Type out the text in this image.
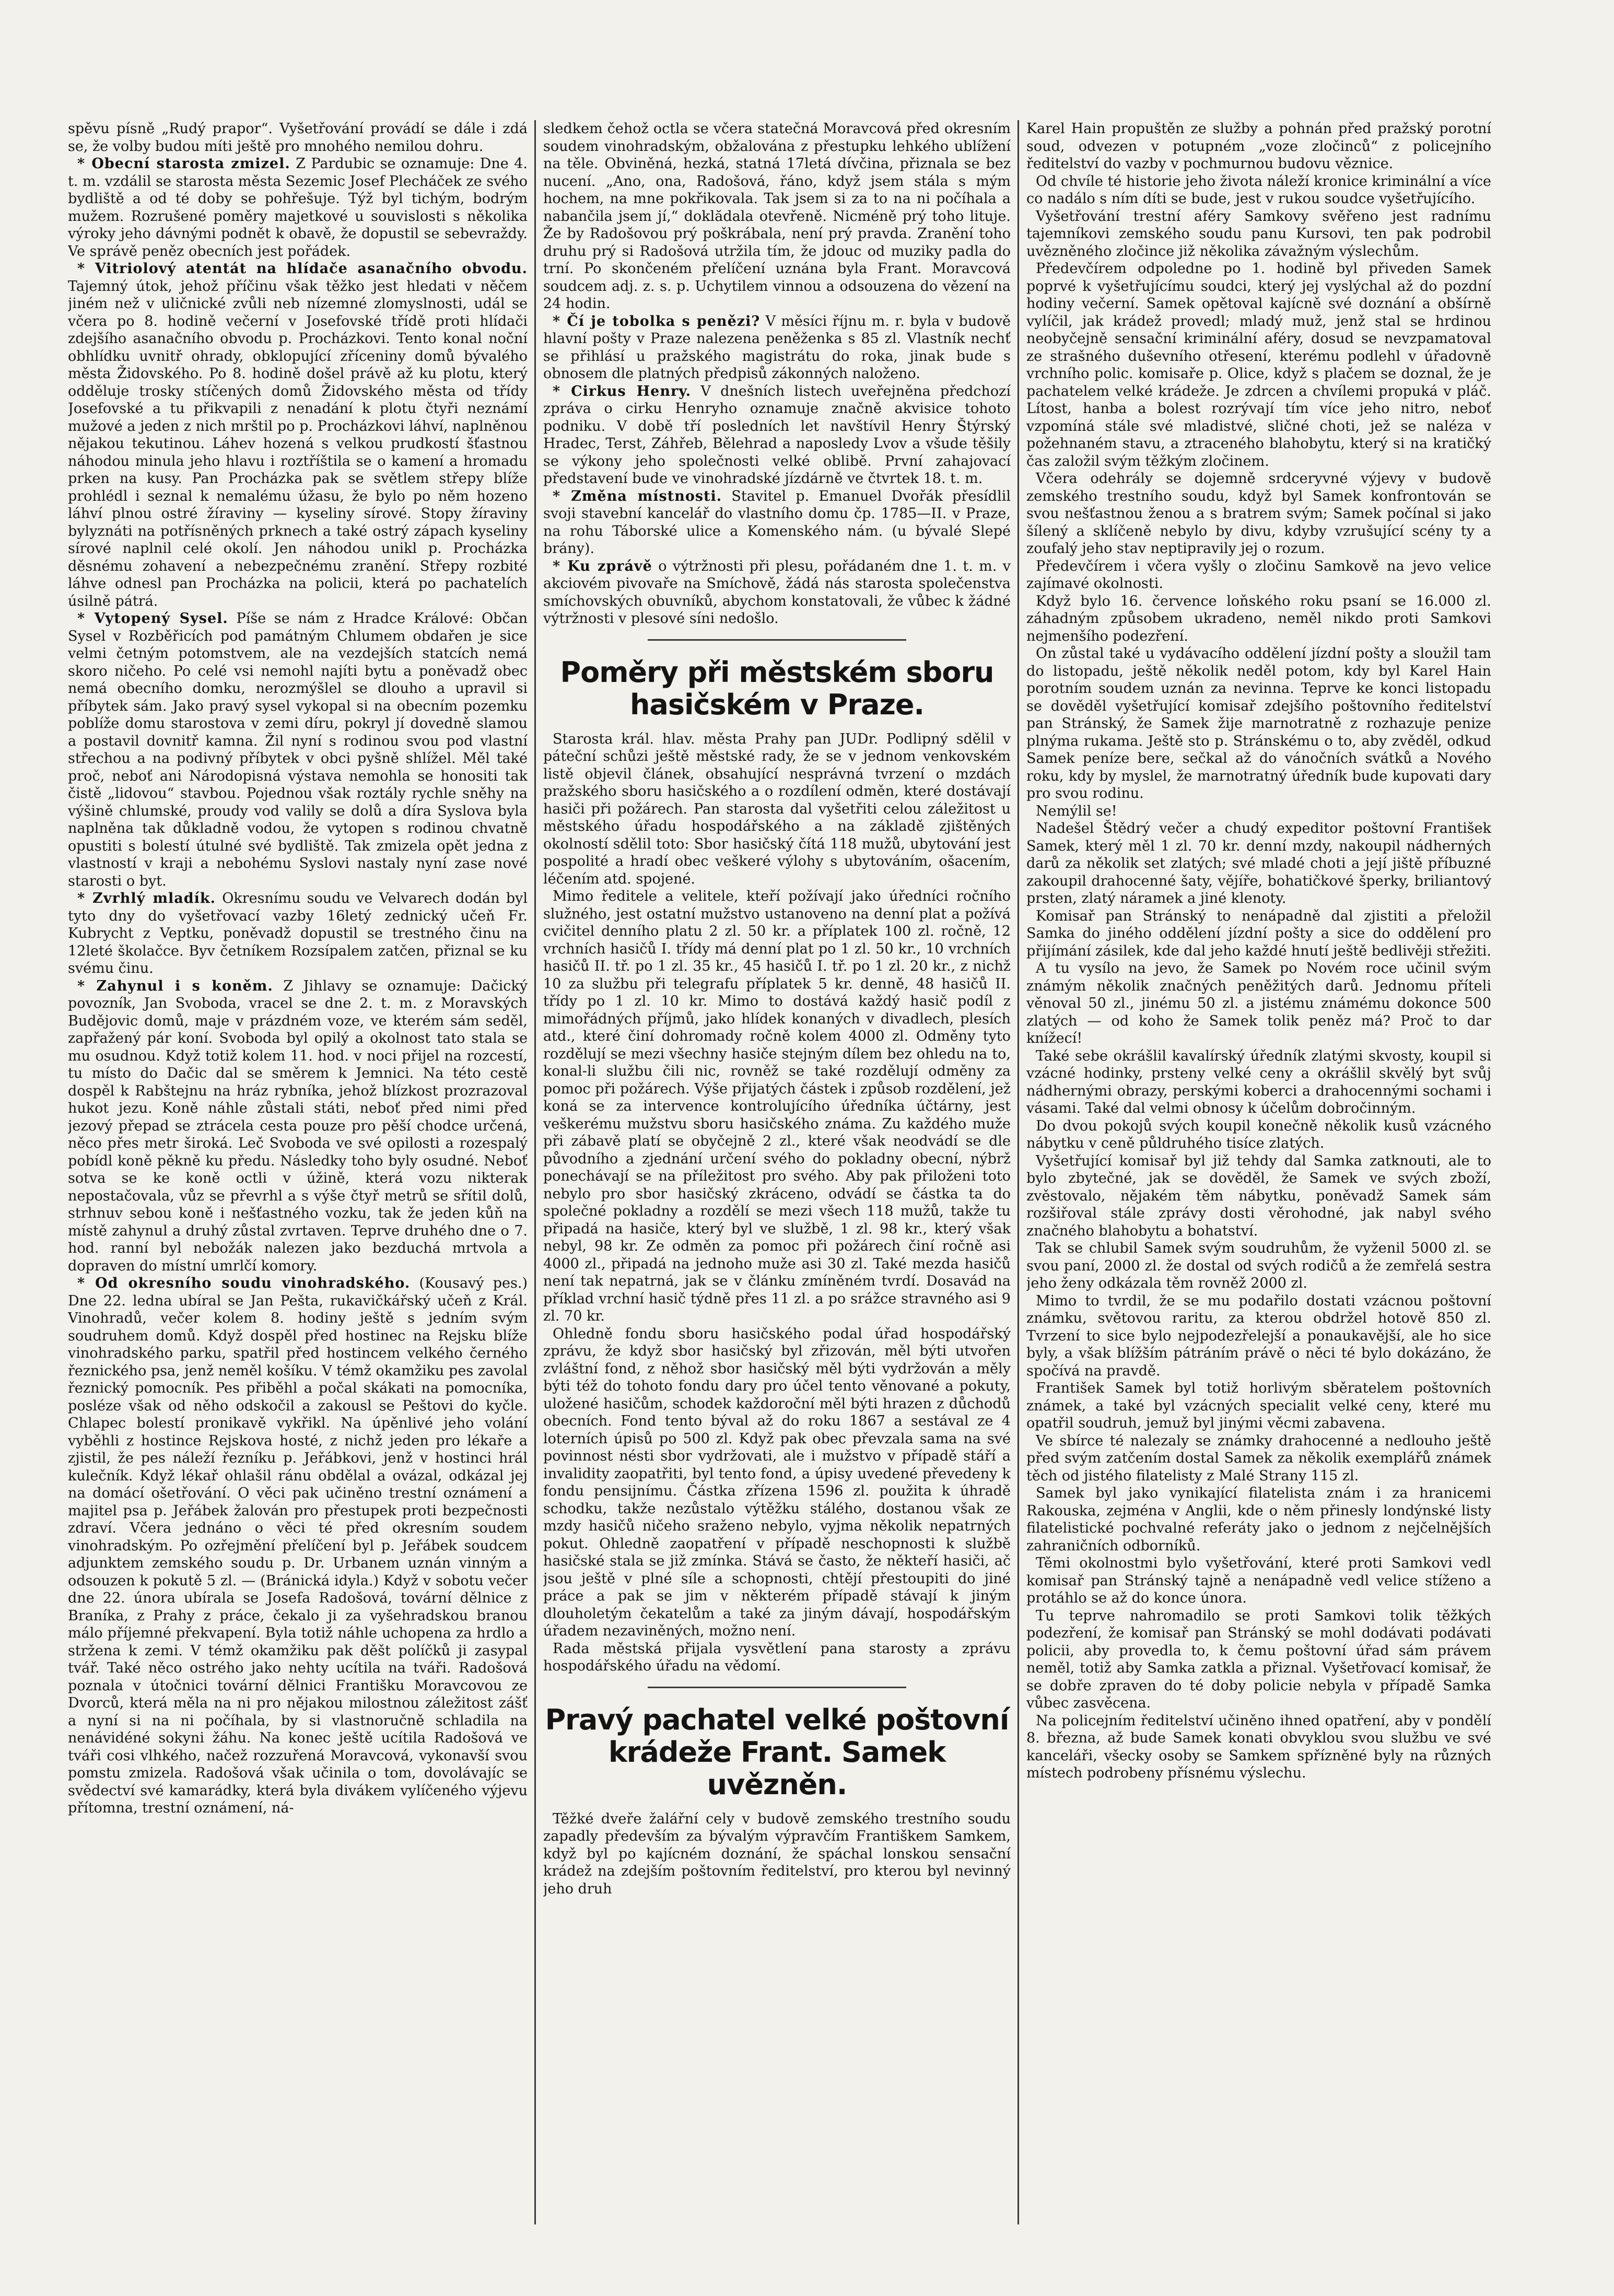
spěvu písně „Rudý prapor“. Vyšetřování provádí se dále i zdá se, že volby budou míti ještě pro mnohého nemilou dohru.

* Obecní starosta zmizel. Z Pardubic se oznamuje: Dne 4. t. m. vzdálil se starosta města Sezemic Josef Plecháček ze svého bydliště a od té doby se pohřešuje. Týž byl tichým, bodrým mužem. Rozrušené poměry majetkové u souvislosti s několika výroky jeho dávnými podnět k obavě, že dopustil se sebevraždy. Ve správě peněz obecních jest pořádek.

* Vitriolový atentát na hlídače asanačního obvodu. Tajemný útok, jehož příčinu však těžko jest hledati v něčem jiném než v uličnické zvůli neb nízemné zlomyslnosti, udál se včera po 8. hodině večerní v Josefovské třídě proti hlídači zdejšího asanačního obvodu p. Procházkovi. Tento konal noční obhlídku uvnitř ohrady, obklopující zříceniny domů bývalého města Židovského. Po 8. hodině došel právě až ku plotu, který odděluje trosky stíčených domů Židovského města od třídy Josefovské a tu přikvapili z nenadání k plotu čtyři neznámí mužové a jeden z nich mrštil po p. Procházkovi láhví, naplněnou nějakou tekutinou. Láhev hozená s velkou prudkostí šťastnou náhodou minula jeho hlavu i roztříštila se o kamení a hromadu prken na kusy. Pan Procházka pak se světlem střepy blíže prohlédl i seznal k nemalému úžasu, že bylo po něm hozeno láhví plnou ostré žíraviny — kyseliny sírové. Stopy žíraviny bylyznáti na potřísněných prknech a také ostrý zápach kyseliny sírové naplnil celé okolí. Jen náhodou unikl p. Procházka děsnému zohavení a nebezpečnému zranění. Střepy rozbité láhve odnesl pan Procházka na policii, která po pachatelích úsilně pátrá.

* Vytopený Sysel. Píše se nám z Hradce Králové: Občan Sysel v Rozběřicích pod památným Chlumem obdařen je sice velmi četným potomstvem, ale na vezdejších statcích nemá skoro ničeho. Po celé vsi nemohl najíti bytu a poněvadž obec nemá obecního domku, nerozmýšlel se dlouho a upravil si příbytek sám. Jako pravý sysel vykopal si na obecním pozemku poblíže domu starostova v zemi díru, pokryl jí dovedně slamou a postavil dovnitř kamna. Žil nyní s rodinou svou pod vlastní střechou a na podivný příbytek v obci pyšně shlížel. Měl také proč, neboť ani Národopisná výstava nemohla se honositi tak čistě „lidovou“ stavbou. Pojednou však roztály rychle sněhy na výšině chlumské, proudy vod valily se dolů a díra Syslova byla naplněna tak důkladně vodou, že vytopen s rodinou chvatně opustiti s bolestí útulné své bydliště. Tak zmizela opět jedna z vlastností v kraji a nebohému Syslovi nastaly nyní zase nové starosti o byt.

* Zvrhlý mladík. Okresnímu soudu ve Velvarech dodán byl tyto dny do vyšetřovací vazby 16letý zednický učeň Fr. Kubrycht z Veptku, poněvadž dopustil se trestného činu na 12leté školačce. Byv četníkem Rozsípalem zatčen, přiznal se ku svému činu.

* Zahynul i s koněm. Z Jihlavy se oznamuje: Dačický povozník, Jan Svoboda, vracel se dne 2. t. m. z Moravských Budějovic domů, maje v prázdném voze, ve kterém sám seděl, zapřažený pár koní. Svoboda byl opilý a okolnost tato stala se mu osudnou. Když totiž kolem 11. hod. v noci přijel na rozcestí, tu místo do Dačic dal se směrem k Jemnici. Na této cestě dospěl k Rabštejnu na hráz rybníka, jehož blízkost prozrazoval hukot jezu. Koně náhle zůstali státi, neboť před nimi před jezový přepad se ztrácela cesta pouze pro pěší chodce určená, něco přes metr široká. Leč Svoboda ve své opilosti a rozespalý pobídl koně pěkně ku předu. Následky toho byly osudné. Neboť sotva se ke koně octli v úžině, která vozu nikterak nepostačovala, vůz se převrhl a s výše čtyř metrů se sřítil dolů, strhnuv sebou koně i nešťastného vozku, tak že jeden kůň na místě zahynul a druhý zůstal zvrtaven. Teprve druhého dne o 7. hod. ranní byl nebožák nalezen jako bezduchá mrtvola a dopraven do místní umrlčí komory.

* Od okresního soudu vinohradského. (Kousavý pes.) Dne 22. ledna ubíral se Jan Pešta, rukavičkářský učeň z Král. Vinohradů, večer kolem 8. hodiny ještě s jedním svým soudruhem domů. Když dospěl před hostinec na Rejsku blíže vinohradského parku, spatřil před hostincem velkého černého řeznického psa, jenž neměl košíku. V témž okamžiku pes zavolal řeznický pomocník. Pes přiběhl a počal skákati na pomocníka, posléze však od něho odskočil a zakousl se Peštovi do kyčle. Chlapec bolestí pronikavě vykřikl. Na úpěnlivé jeho volání vyběhli z hostince Rejskova hosté, z nichž jeden pro lékaře a zjistil, že pes náleží řezníku p. Jeřábkovi, jenž v hostinci hrál kulečník. Když lékař ohlašil ránu obdělal a ovázal, odkázal jej na domácí ošetřování. O věci pak učiněno trestní oznámení a majitel psa p. Jeřábek žalován pro přestupek proti bezpečnosti zdraví. Včera jednáno o věci té před okresním soudem vinohradským. Po ozřejmění přelíčení byl p. Jeřábek soudcem adjunktem zemského soudu p. Dr. Urbanem uznán vinným a odsouzen k pokutě 5 zl. — (Bránická idyla.) Když v sobotu večer dne 22. února ubírala se Josefa Radošová, tovární dělnice z Braníka, z Prahy z práce, čekalo ji za vyšehradskou branou málo příjemné překvapení. Byla totiž náhle uchopena za hrdlo a stržena k zemi. V témž okamžiku pak děšt políčků ji zasypal tvář. Také něco ostrého jako nehty ucítila na tváři. Radošová poznala v útočnici tovární dělnici Františku Moravcovou ze Dvorců, která měla na ni pro nějakou milostnou záležitost zášť a nyní si na ni počíhala, by si vlastnoručně schladila na nenávidéné sokyni žáhu. Na konec ještě ucítila Radošová ve tváři cosi vlhkého, načež rozzuřená Moravcová, vykonavší svou pomstu zmizela. Radošová však učinila o tom, dovolávajíc se svědectví své kamarádky, která byla divákem vylíčeného výjevu přítomna, trestní oznámení, ná-

sledkem čehož octla se včera statečná Moravcová před okresním soudem vinohradským, obžalována z přestupku lehkého ublížení na těle. Obviněná, hezká, statná 17letá dívčina, přiznala se bez nucení. „Ano, ona, Radošová, řáno, když jsem stála s mým hochem, na mne pokřikovala. Tak jsem si za to na ni počíhala a nabančila jsem jí,“ doklădala otevřeně. Nicméně prý toho lituje. Že by Radošovou prý poškrábala, není prý pravda. Zranění toho druhu prý si Radošová utržila tím, že jdouc od muziky padla do trní. Po skončeném přelíčení uznána byla Frant. Moravcová soudcem adj. z. s. p. Uchytilem vinnou a odsouzena do vězení na 24 hodin.

* Čí je tobolka s penězi? V měsíci říjnu m. r. byla v budově hlavní pošty v Praze nalezena peněženka s 85 zl. Vlastník nechť se přihlásí u pražského magistrátu do roka, jinak bude s obnosem dle platných předpisů zákonných naloženo.

* Cirkus Henry. V dnešních listech uveřejněna předchozí zpráva o cirku Henryho oznamuje značně akvisice tohoto podniku. V době tří posledních let navštívil Henry Štýrský Hradec, Terst, Záhřeb, Bělehrad a naposledy Lvov a všude těšily se výkony jeho společnosti velké oblibě. První zahajovací představení bude ve vinohradské jízdárně ve čtvrtek 18. t. m.

* Změna místnosti. Stavitel p. Emanuel Dvořák přesídlil svoji stavební kancelář do vlastního domu čp. 1785—II. v Praze, na rohu Táborské ulice a Komenského nám. (u bývalé Slepé brány).

* Ku zprávě o výtržnosti při plesu, pořádaném dne 1. t. m. v akciovém pivovaře na Smíchově, žádá nás starosta společenstva smíchovských obuvníků, abychom konstatovali, že vůbec k žádné výtržnosti v plesové síni nedošlo.

Poměry při městském sboru hasičském v Praze.

Starosta král. hlav. města Prahy pan JUDr. Podlipný sdělil v páteční schůzi ještě městské rady, že se v jednom venkovském listě objevil článek, obsahující nesprávná tvrzení o mzdách pražského sboru hasičského a o rozdílení odměn, které dostávají hasiči při požárech. Pan starosta dal vyšetřiti celou záležitost u městského úřadu hospodářského a na základě zjištěných okolností sdělil toto: Sbor hasičský čítá 118 mužů, ubytování jest pospolité a hradí obec veškeré výlohy s ubytováním, ošacením, léčením atd. spojené.

Mimo ředitele a velitele, kteří požívají jako úředníci ročního služného, jest ostatní mužstvo ustanoveno na denní plat a požívá cvičitel denního platu 2 zl. 50 kr. a příplatek 100 zl. ročně, 12 vrchních hasičů I. třídy má denní plat po 1 zl. 50 kr., 10 vrchních hasičů II. tř. po 1 zl. 35 kr., 45 hasičů I. tř. po 1 zl. 20 kr., z nichž 10 za službu při telegrafu příplatek 5 kr. denně, 48 hasičů II. třídy po 1 zl. 10 kr. Mimo to dostává každý hasič podíl z mimořádných příjmů, jako hlídek konaných v divadlech, plesích atd., které činí dohromady ročně kolem 4000 zl. Odměny tyto rozdělují se mezi všechny hasiče stejným dílem bez ohledu na to, konal-li službu čili nic, rovněž se také rozdělují odměny za pomoc při požárech. Výše přijatých částek i způsob rozdělení, jež koná se za intervence kontrolujícího úředníka účtárny, jest veškerému mužstvu sboru hasičského známa. Zu každého muže při zábavě platí se obyčejně 2 zl., které však neodvádí se dle původního a zjednání určení svého do pokladny obecní, nýbrž ponechávají se na příležitost pro svého. Aby pak přiloženi toto nebylo pro sbor hasičský zkráceno, odvádí se částka ta do společné pokladny a rozdělí se mezi všech 118 mužů, takže tu připadá na hasiče, který byl ve službě, 1 zl. 98 kr., který však nebyl, 98 kr. Ze odměn za pomoc při požárech činí ročně asi 4000 zl., připadá na jednoho muže asi 30 zl. Také mezda hasičů není tak nepatrná, jak se v článku zmíněném tvrdí. Dosavád na příklad vrchní hasič týdně přes 11 zl. a po srážce stravného asi 9 zl. 70 kr.

Ohledně fondu sboru hasičského podal úřad hospodářský zprávu, že když sbor hasičský byl zřizován, měl býti utvořen zvláštní fond, z něhož sbor hasičský měl býti vydržován a měly býti též do tohoto fondu dary pro účel tento věnované a pokuty, uložené hasičům, schodek každoroční měl býti hrazen z důchodů obecních. Fond tento býval až do roku 1867 a sestával ze 4 loterních úpisů po 500 zl. Když pak obec převzala sama na své povinnost nésti sbor vydržovati, ale i mužstvo v případě stáří a invalidity zaopatřiti, byl tento fond, a úpisy uvedené převedeny k fondu pensijnímu. Částka zřízena 1596 zl. použita k úhradě schodku, takže nezůstalo výtěžku stálého, dostanou však ze mzdy hasičů ničeho sraženo nebylo, vyjma několik nepatrných pokut. Ohledně zaopatření v případě neschopnosti k službě hasičské stala se již zmínka. Stává se často, že někteří hasiči, ač jsou ještě v plné síle a schopnosti, chtějí přestoupiti do jiné práce a pak se jim v některém případě stávají k jiným dlouholetým čekatelům a také za jiným dávají, hospodářským úřadem nezaviněných, možno není.

Rada městská přijala vysvětlení pana starosty a zprávu hospodářského úřadu na vědomí.

Pravý pachatel velké poštovní krádeže Frant. Samek uvězněn.

Těžké dveře žalářní cely v budově zemského trestního soudu zapadly především za bývalým výpravčím Františkem Samkem, když byl po kajícném doznání, že spáchal lonskou sensační krádež na zdejším poštovním ředitelství, pro kterou byl nevinný jeho druh

Karel Hain propuštěn ze služby a pohnán před pražský porotní soud, odvezen v potupném „voze zločinců“ z policejního ředitelství do vazby v pochmurnou budovu věznice.

Od chvíle té historie jeho života náleží kronice kriminální a více co nadálo s ním díti se bude, jest v rukou soudce vyšetřujícího.

Vyšetřování trestní aféry Samkovy svěřeno jest radnímu tajemníkovi zemského soudu panu Kursovi, ten pak podrobil uvězněného zločince již několika závažným výslechům.

Předevčírem odpoledne po 1. hodině byl přiveden Samek poprvé k vyšetřujícímu soudci, který jej vyslýchal až do pozdní hodiny večerní. Samek opětoval kajícně své doznání a obšírně vylíčil, jak krádež provedl; mladý muž, jenž stal se hrdinou neobyčejně sensační kriminální aféry, dosud se nevzpamatoval ze strašného duševního otřesení, kterému podlehl v úřadovně vrchního polic. komisaře p. Olice, když s plačem se doznal, že je pachatelem velké krádeže. Je zdrcen a chvílemi propuká v pláč. Lítost, hanba a bolest rozrývají tím více jeho nitro, neboť vzpomíná stále své mladistvé, sličné choti, jež se naléza v požehnaném stavu, a ztraceného blahobytu, který si na kratičký čas založil svým těžkým zločinem.

Včera odehrály se dojemně srdceryvné výjevy v budově zemského trestního soudu, když byl Samek konfrontován se svou nešťastnou ženou a s bratrem svým; Samek počínal si jako šílený a sklíčeně nebylo by divu, kdyby vzrušující scény ty a zoufalý jeho stav neptipravily jej o rozum.

Předevčírem i včera vyšly o zločinu Samkově na jevo velice zajímavé okolnosti.

Když bylo 16. července loňského roku psaní se 16.000 zl. záhadným způsobem ukradeno, neměl nikdo proti Samkovi nejmenšího podezření.

On zůstal také u vydávacího oddělení jízdní pošty a sloužil tam do listopadu, ještě několik neděl potom, kdy byl Karel Hain porotním soudem uznán za nevinna. Teprve ke konci listopadu se dověděl vyšetřující komisař zdejšího poštovního ředitelství pan Stránský, že Samek žije marnotratně z rozhazuje penize plnýma rukama. Ještě sto p. Stránskému o to, aby zvěděl, odkud Samek peníze bere, sečkal až do vánočních svátků a Nového roku, kdy by myslel, že marnotratný úředník bude kupovati dary pro svou rodinu.

Nemýlil se!

Nadešel Štědrý večer a chudý expeditor poštovní František Samek, který měl 1 zl. 70 kr. denní mzdy, nakoupil nádherných darů za několik set zlatých; své mladé choti a její jiště příbuzné zakoupil drahocenné šaty, vějíře, bohatičkové šperky, briliantový prsten, zlatý náramek a jiné klenoty.

Komisař pan Stránský to nenápadně dal zjistiti a přeložil Samka do jiného oddělení jízdní pošty a sice do oddělení pro přijímání zásilek, kde dal jeho každé hnutí ještě bedlivěji střežiti.

A tu vysílo na jevo, že Samek po Novém roce učinil svým známým několik značných peněžitých darů. Jednomu příteli věnoval 50 zl., jinému 50 zl. a jistému známému dokonce 500 zlatých — od koho že Samek tolik peněz má? Proč to dar knížecí!

Také sebe okrášlil kavalírský úředník zlatými skvosty, koupil si vzácné hodinky, prsteny velké ceny a okrášlil skvělý byt svůj nádhernými obrazy, perskými koberci a drahocennými sochami i vásami. Také dal velmi obnosy k účelům dobročinným.

Do dvou pokojů svých koupil konečně několik kusů vzácného nábytku v ceně půldruhého tisíce zlatých.

Vyšetřující komisař byl již tehdy dal Samka zatknouti, ale to bylo zbytečné, jak se dověděl, že Samek ve svých zboží, zvěstovalo, nějakém těm nábytku, poněvadž Samek sám rozšiřoval stále zprávy dosti věrohodné, jak nabyl svého značného blahobytu a bohatství.

Tak se chlubil Samek svým soudruhům, že vyženil 5000 zl. se svou paní, 2000 zl. že dostal od svých rodičů a že zemřelá sestra jeho ženy odkázala těm rovněž 2000 zl.

Mimo to tvrdil, že se mu podařilo dostati vzácnou poštovní známku, světovou raritu, za kterou obdržel hotově 850 zl. Tvrzení to sice bylo nejpodezřelejší a ponaukavější, ale ho sice byly, a však blížším pátráním právě o něci té bylo dokázáno, že spočívá na pravdě.

František Samek byl totiž horlivým sběratelem poštovních známek, a také byl vzácných specialit velké ceny, které mu opatřil soudruh, jemuž byl jinými věcmi zabavena.

Ve sbírce té nalezaly se známky drahocenné a nedlouho ještě před svým zatčením dostal Samek za několik exemplářů známek těch od jistého filatelisty z Malé Strany 115 zl.

Samek byl jako vynikající filatelista znám i za hranicemi Rakouska, zejména v Anglii, kde o něm přinesly londýnské listy filatelistické pochvalné referáty jako o jednom z nejčelnějších zahraničních odborníků.

Těmi okolnostmi bylo vyšetřování, které proti Samkovi vedl komisař pan Stránský tajně a nenápadně vedl velice stíženo a protáhlo se až do konce února.

Tu teprve nahromadilo se proti Samkovi tolik těžkých podezření, že komisař pan Stránský se mohl dodávati podávati policii, aby provedla to, k čemu poštovní úřad sám právem neměl, totiž aby Samka zatkla a přiznal. Vyšetřovací komisař, že se dobře zpraven do té doby policie nebyla v případě Samka vůbec zasvěcena.

Na policejním ředitelství učiněno ihned opatření, aby v pondělí 8. března, až bude Samek konati obvyklou svou službu ve své kanceláři, všecky osoby se Samkem spřízněné byly na různých místech podrobeny přísnému výslechu.
